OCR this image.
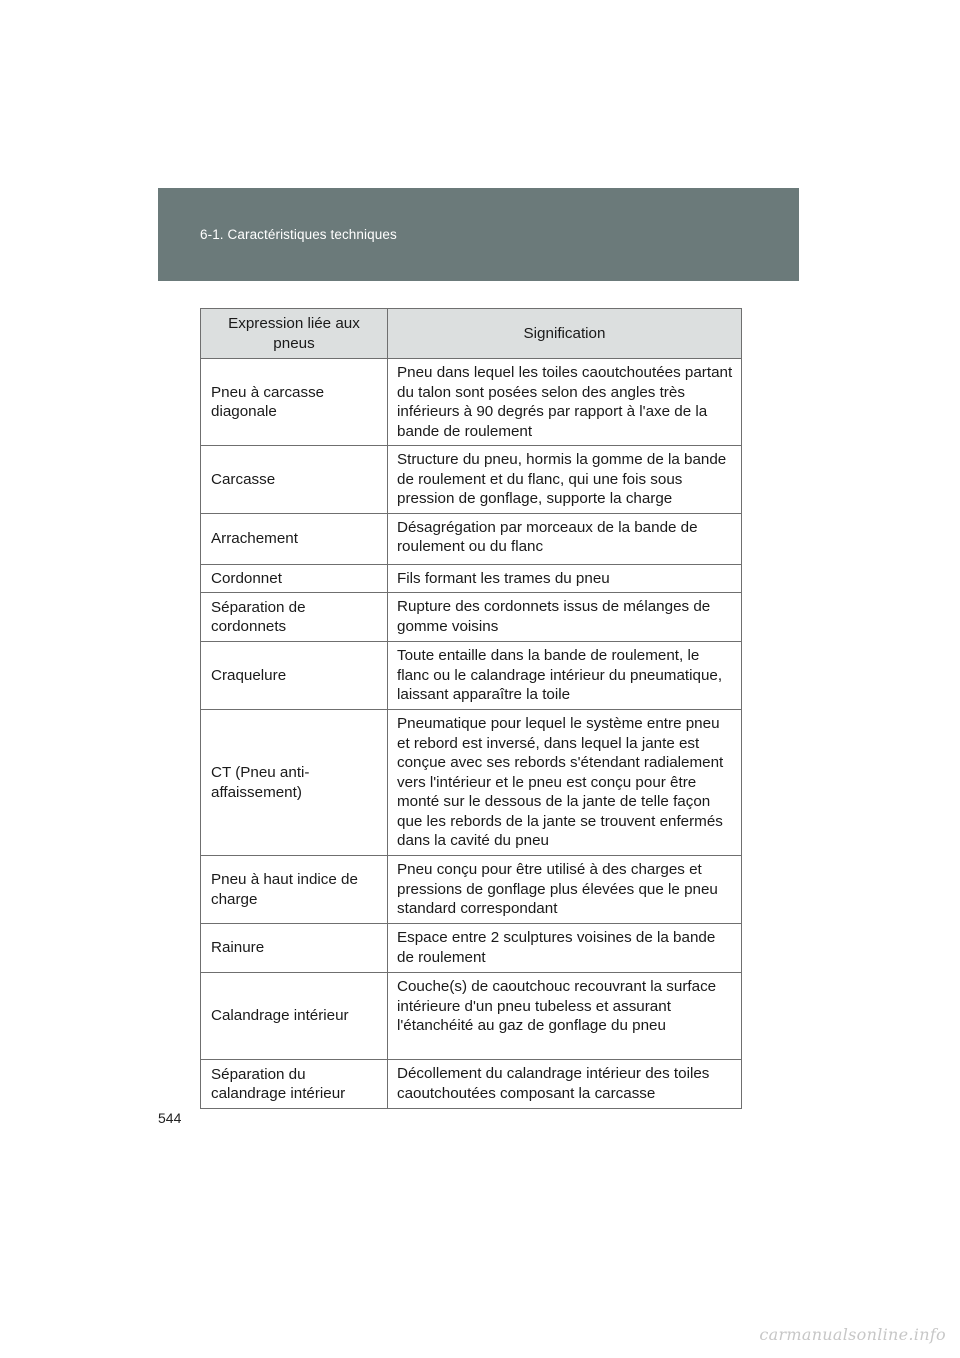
6-1. Caractéristiques techniques
Expression liée aux pneus	Signification
Pneu à carcasse diagonale	Pneu dans lequel les toiles caoutchoutées partant du talon sont posées selon des angles très inférieurs à 90 degrés par rapport à l'axe de la bande de roulement
Carcasse	Structure du pneu, hormis la gomme de la bande de roulement et du flanc, qui une fois sous pression de gonflage, supporte la charge
Arrachement	Désagrégation par morceaux de la bande de roulement ou du flanc
Cordonnet	Fils formant les trames du pneu
Séparation de cordonnets	Rupture des cordonnets issus de mélanges de gomme voisins
Craquelure	Toute entaille dans la bande de roulement, le flanc ou le calandrage intérieur du pneumatique, laissant apparaître la toile
CT (Pneu anti-affaissement)	Pneumatique pour lequel le système entre pneu et rebord est inversé, dans lequel la jante est conçue avec ses rebords s'étendant radialement vers l'intérieur et le pneu est conçu pour être monté sur le dessous de la jante de telle façon que les rebords de la jante se trouvent enfermés dans la cavité du pneu
Pneu à haut indice de charge	Pneu conçu pour être utilisé à des charges et pressions de gonflage plus élevées que le pneu standard correspondant
Rainure	Espace entre 2 sculptures voisines de la bande de roulement
Calandrage intérieur	Couche(s) de caoutchouc recouvrant la surface intérieure d'un pneu tubeless et assurant l'étanchéité au gaz de gonflage du pneu
Séparation du calandrage intérieur	Décollement du calandrage intérieur des toiles caoutchoutées composant la carcasse
544
carmanualsonline.info
